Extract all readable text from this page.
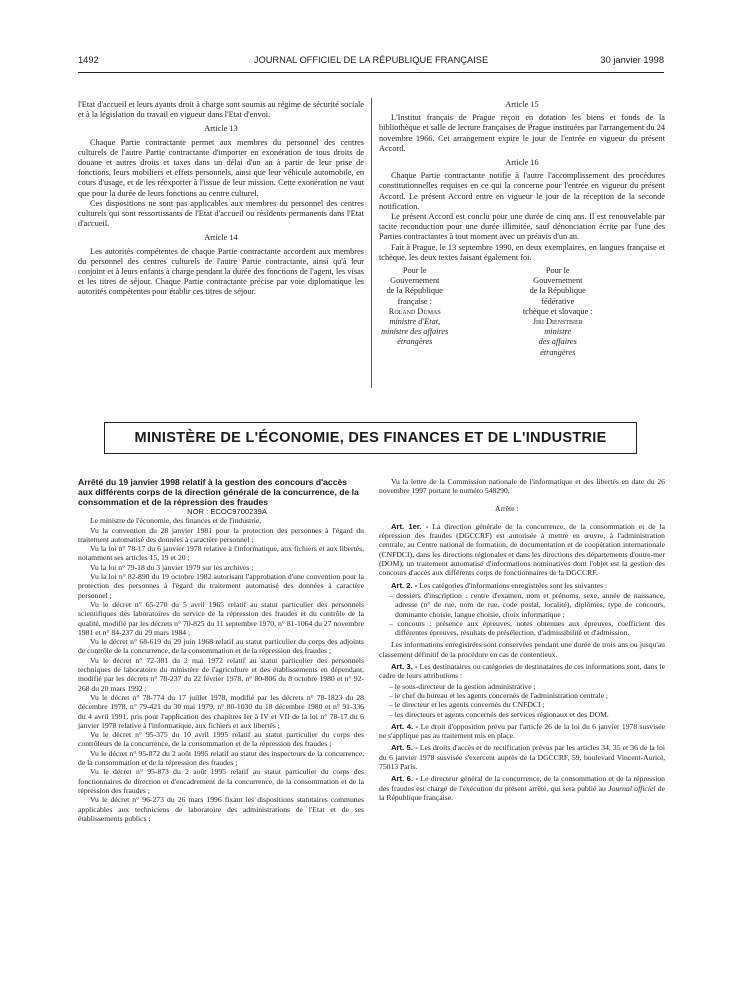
1492	JOURNAL OFFICIEL DE LA RÉPUBLIQUE FRANÇAISE	30 janvier 1998

l'Etat d'accueil et leurs ayants droit à charge sont soumis au régime de sécurité sociale et à la législation du travail en vigueur dans l'Etat d'envoi.

Article 13

Chaque Partie contractante permet aux membres du personnel des centres culturels de l'autre Partie contractante d'importer en exonération de tous droits de douane et autres droits et taxes dans un délai d'un an à partir de leur prise de fonctions, leurs mobiliers et effets personnels, ainsi que leur véhicule automobile, en cours d'usage, et de les réexporter à l'issue de leur mission. Cette exonération ne vaut que pour la durée de leurs fonctions au centre culturel.

Ces dispositions ne sont pas applicables aux membres du personnel des centres culturels qui sont ressortissants de l'Etat d'accueil ou résidents permanents dans l'Etat d'accueil.

Article 14

Les autorités compétentes de chaque Partie contractante accordent aux membres du personnel des centres culturels de l'autre Partie contractante, ainsi qu'à leur conjoint et à leurs enfants à charge pendant la durée des fonctions de l'agent, les visas et les titres de séjour. Chaque Partie contractante précise par voie diplomatique les autorités compétentes pour établir ces titres de séjour.

Article 15

L'Institut français de Prague reçoit en dotation les biens et fonds de la bibliothèque et salle de lecture françaises de Prague instituées par l'arrangement du 24 novembre 1966. Cet arrangement expire le jour de l'entrée en vigueur du présent Accord.

Article 16

Chaque Partie contractante notifie à l'autre l'accomplissement des procédures constitutionnelles requises en ce qui la concerne pour l'entrée en vigueur du présent Accord. Le présent Accord entre en vigueur le jour de la réception de la seconde notification.

Le présent Accord est conclu pour une durée de cinq ans. Il est renouvelable par tacite reconduction pour une durée illimitée, sauf dénonciation écrite par l'une des Parties contractantes à tout moment avec un préavis d'un an.

Fait à Prague, le 13 septembre 1990, en deux exemplaires, en langues française et tchèque, les deux textes faisant également foi.

Pour le Gouvernement
de la République française :
Roland Dumas
ministre d'Etat,
ministre des affaires étrangères
Pour le Gouvernement
de la République fédérative
tchèque et slovaque :
Jiri Dienstbier
ministre
des affaires étrangères
MINISTÈRE DE L'ÉCONOMIE, DES FINANCES ET DE L'INDUSTRIE

Arrêté du 19 janvier 1998 relatif à la gestion des concours d'accès aux différents corps de la direction générale de la concurrence, de la consommation et de la répression des fraudes

NOR : ECOC9700239A

Le ministre de l'économie, des finances et de l'industrie,

Vu la convention du 28 janvier 1981 pour la protection des personnes à l'égard du traitement automatisé des données à caractère personnel ;

Vu la loi n° 78-17 du 6 janvier 1978 relative à l'informatique, aux fichiers et aux libertés, notamment ses articles 15, 19 et 20 ;

Vu la loi n° 79-18 du 3 janvier 1979 sur les archives ;

Vu la loi n° 82-890 du 19 octobre 1982 autorisant l'approbation d'une convention pour la protection des personnes à l'égard du traitement automatisé des données à caractère personnel ;

Vu le décret n° 65-270 du 5 avril 1965 relatif au statut particulier des personnels scientifiques des laboratoires du service de la répression des fraudes et du contrôle de la qualité, modifié par les décrets n° 70-825 du 11 septembre 1970, n° 81-1064 du 27 novembre 1981 et n° 84-237 du 29 mars 1984 ;

Vu le décret n° 68-619 du 29 juin 1968 relatif au statut particulier du corps des adjoints de contrôle de la concurrence, de la consommation et de la répression des fraudes ;

Vu le décret n° 72-381 du 2 mai 1972 relatif au statut particulier des personnels techniques de laboratoire du ministère de l'agriculture et des établissements en dépendant, modifié par les décrets n° 78-237 du 22 février 1978, n° 80-806 du 8 octobre 1980 et n° 92-268 du 20 mars 1992 ;

Vu le décret n° 78-774 du 17 juillet 1978, modifié par les décrets n° 78-1823 du 28 décembre 1978, n° 79-421 du 30 mai 1979, n° 80-1030 du 18 décembre 1980 et n° 91-336 du 4 avril 1991, pris pour l'application des chapitres Ier à IV et VII de la loi n° 78-17 du 6 janvier 1978 relative à l'informatique, aux fichiers et aux libertés ;

Vu le décret n° 95-375 du 10 avril 1995 relatif au statut particulier du corps des contrôleurs de la concurrence, de la consommation et de la répression des fraudes ;

Vu le décret n° 95-872 du 2 août 1995 relatif au statut des inspecteurs de la concurrence, de la consommation et de la répression des fraudes ;

Vu le décret n° 95-873 du 2 août 1995 relatif au statut particulier du corps des fonctionnaires de direction et d'encadrement de la concurrence, de la consommation et de la répression des fraudes ;

Vu le décret n° 96-273 du 26 mars 1996 fixant les dispositions statutaires communes applicables aux techniciens de laboratoire des administrations de l'Etat et de ses établissements publics ;

Vu la lettre de la Commission nationale de l'informatique et des libertés en date du 26 novembre 1997 portant le numéro 548290,

Arrête :

Art. 1er. - La direction générale de la concurrence, de la consommation et de la répression des fraudes (DGCCRF) est autorisée à mettre en œuvre, à l'administration centrale, au Centre national de formation, de documentation et de coopération internationale (CNFDCI), dans les directions régionales et dans les directions des départements d'outre-mer (DOM), un traitement automatisé d'informations nominatives dont l'objet est la gestion des concours d'accès aux différents corps de fonctionnaires de la DGCCRF.

Art. 2. - Les catégories d'informations enregistrées sont les suivantes :

– dossiers d'inscription : centre d'examen, nom et prénoms, sexe, année de naissance, adresse (n° de rue, nom de rue, code postal, localité), diplômes, type de concours, dominante choisie, langue choisie, choix informatique ;
– concours : présence aux épreuves, notes obtenues aux épreuves, coefficient des différentes épreuves, résultats de présélection, d'admissibilité et d'admission.

Les informations enregistrées sont conservées pendant une durée de trois ans ou jusqu'au classement définitif de la procédure en cas de contentieux.

Art. 3. - Les destinataires ou catégories de destinataires de ces informations sont, dans le cadre de leurs attributions :

– le sous-directeur de la gestion administrative ;
– le chef du bureau et les agents concernés de l'administration centrale ;
– le directeur et les agents concernés du CNFDCI ;
– les directeurs et agents concernés des services régionaux et des DOM.

Art. 4. - Le droit d'opposition prévu par l'article 26 de la loi du 6 janvier 1978 susvisée ne s'applique pas au traitement mis en place.

Art. 5. - Les droits d'accès et de rectification prévus par les articles 34, 35 et 36 de la loi du 6 janvier 1978 susvisée s'exercent auprès de la DGCCRF, 59, boulevard Vincent-Auriol, 75013 Paris.

Art. 6. - Le directeur général de la concurrence, de la consommation et de la répression des fraudes est chargé de l'exécution du présent arrêté, qui sera publié au Journal officiel de la République française.
